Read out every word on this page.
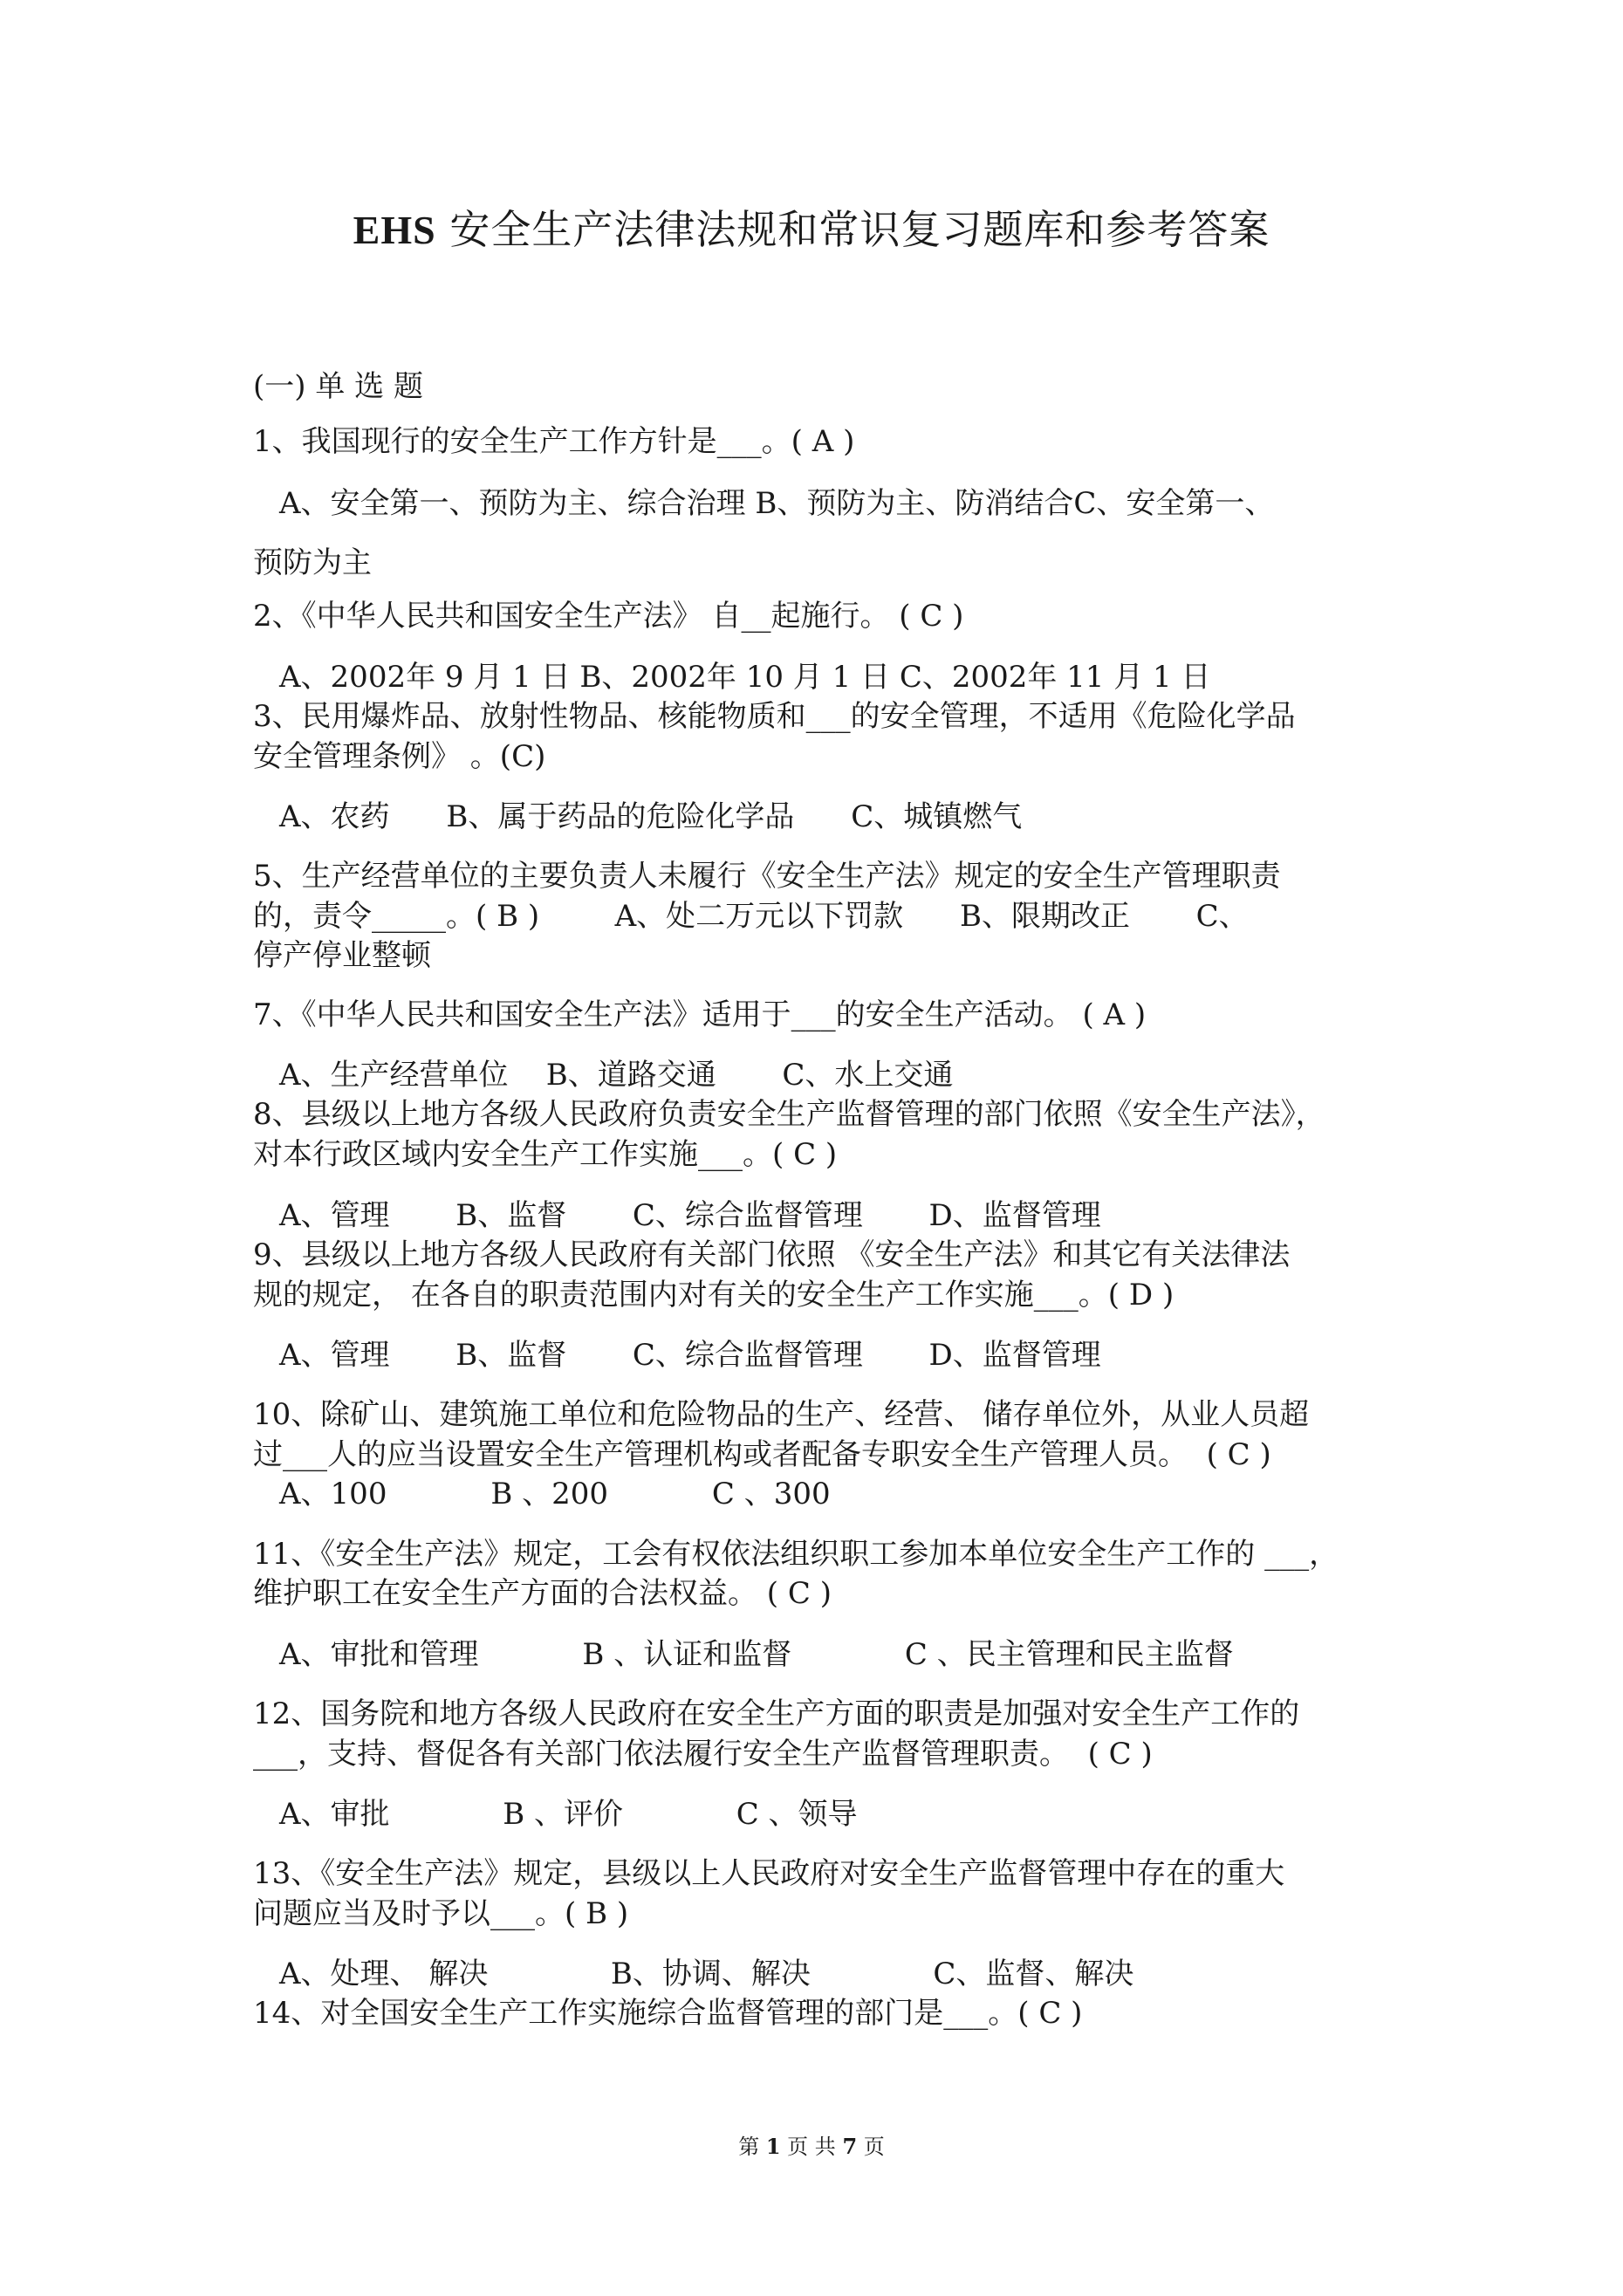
EHS 安全生产法律法规和常识复习题库和参考答案
(一) 单 选 题
1、我国现行的安全生产工作方针是___。( A )
A、安全第一、预防为主、综合治理 B、预防为主、防消结合C、安全第一、
预防为主
2、《中华人民共和国安全生产法》 自__起施行。 ( C )
A、2002年 9 月 1 日 B、2002年 10 月 1 日 C、2002年 11 月 1 日
3、民用爆炸品、放射性物品、核能物质和___的安全管理，不适用《危险化学品
安全管理条例》 。(C)
A、农药      B、属于药品的危险化学品      C、城镇燃气
5、生产经营单位的主要负责人未履行《安全生产法》规定的安全生产管理职责
的，责令_____。( B )        A、处二万元以下罚款      B、限期改正       C、
停产停业整顿
7、《中华人民共和国安全生产法》适用于___的安全生产活动。 ( A )
A、生产经营单位    B、道路交通       C、水上交通
8、县级以上地方各级人民政府负责安全生产监督管理的部门依照《安全生产法》，
对本行政区域内安全生产工作实施___。( C )
A、管理       B、监督       C、综合监督管理       D、监督管理
9、县级以上地方各级人民政府有关部门依照 《安全生产法》和其它有关法律法
规的规定， 在各自的职责范围内对有关的安全生产工作实施___。( D )
A、管理       B、监督       C、综合监督管理       D、监督管理
10、除矿山、建筑施工单位和危险物品的生产、经营、 储存单位外，从业人员超
过___人的应当设置安全生产管理机构或者配备专职安全生产管理人员。  ( C )
A、100           B 、200           C 、300
11、《安全生产法》规定，工会有权依法组织职工参加本单位安全生产工作的 ___，
维护职工在安全生产方面的合法权益。 ( C )
A、审批和管理           B 、认证和监督            C 、民主管理和民主监督
12、国务院和地方各级人民政府在安全生产方面的职责是加强对安全生产工作的
___，支持、督促各有关部门依法履行安全生产监督管理职责。  ( C )
A、审批            B 、评价            C 、领导
13、《安全生产法》规定，县级以上人民政府对安全生产监督管理中存在的重大
问题应当及时予以___。( B )
A、处理、 解决             B、协调、解决             C、监督、解决
14、对全国安全生产工作实施综合监督管理的部门是___。( C )
第 1 页 共 7 页
